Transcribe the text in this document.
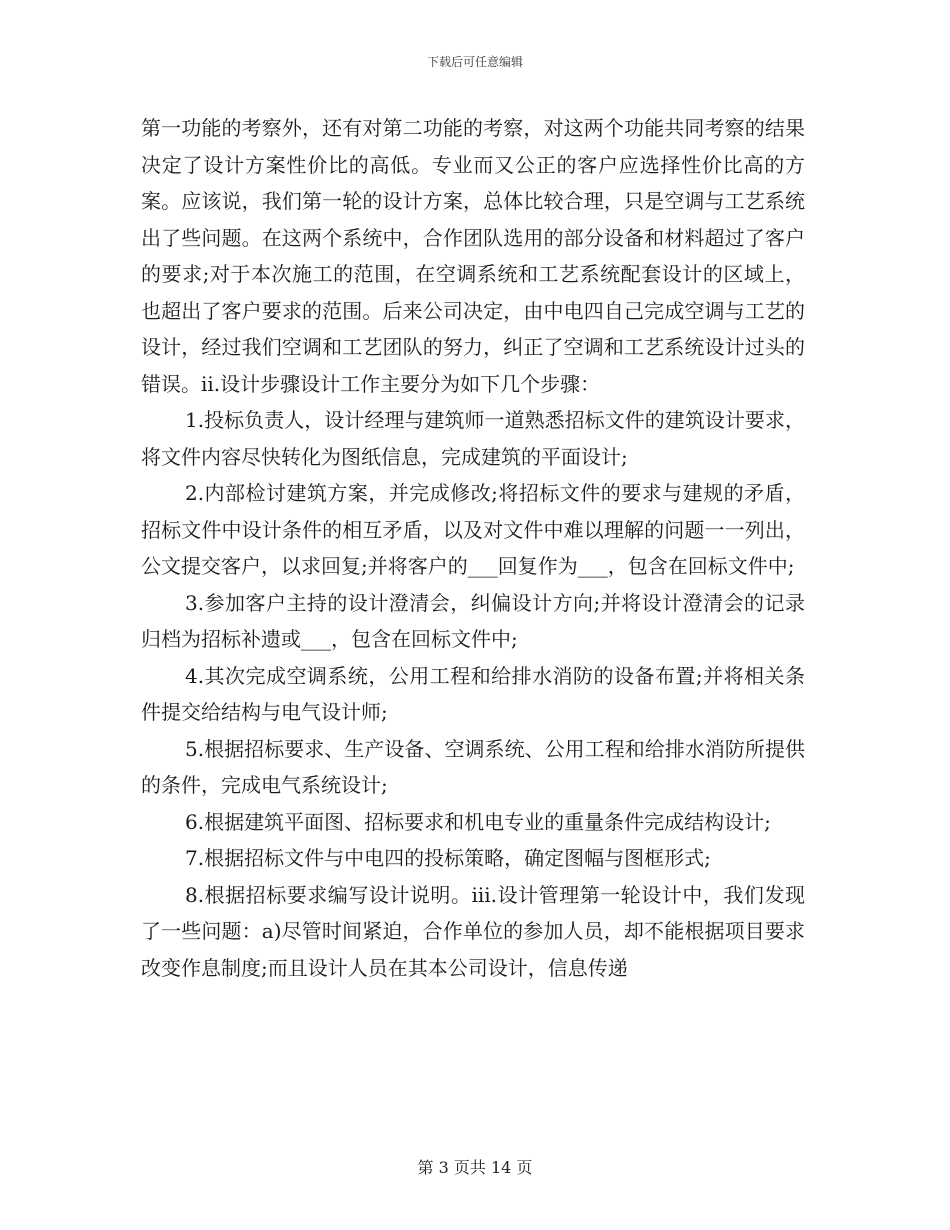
下载后可任意编辑

第一功能的考察外，还有对第二功能的考察，对这两个功能共同考察的结果决定了设计方案性价比的高低。专业而又公正的客户应选择性价比高的方案。应该说，我们第一轮的设计方案，总体比较合理，只是空调与工艺系统出了些问题。在这两个系统中，合作团队选用的部分设备和材料超过了客户的要求;对于本次施工的范围，在空调系统和工艺系统配套设计的区域上，也超出了客户要求的范围。后来公司决定，由中电四自己完成空调与工艺的设计，经过我们空调和工艺团队的努力，纠正了空调和工艺系统设计过头的错误。ii.设计步骤设计工作主要分为如下几个步骤：

1.投标负责人，设计经理与建筑师一道熟悉招标文件的建筑设计要求，将文件内容尽快转化为图纸信息，完成建筑的平面设计;

2.内部检讨建筑方案，并完成修改;将招标文件的要求与建规的矛盾，招标文件中设计条件的相互矛盾，以及对文件中难以理解的问题一一列出，公文提交客户，以求回复;并将客户的___回复作为___，包含在回标文件中;

3.参加客户主持的设计澄清会，纠偏设计方向;并将设计澄清会的记录归档为招标补遗或___，包含在回标文件中;

4.其次完成空调系统，公用工程和给排水消防的设备布置;并将相关条件提交给结构与电气设计师;

5.根据招标要求、生产设备、空调系统、公用工程和给排水消防所提供的条件，完成电气系统设计;

6.根据建筑平面图、招标要求和机电专业的重量条件完成结构设计;

7.根据招标文件与中电四的投标策略，确定图幅与图框形式;

8.根据招标要求编写设计说明。iii.设计管理第一轮设计中，我们发现了一些问题：a)尽管时间紧迫，合作单位的参加人员，却不能根据项目要求改变作息制度;而且设计人员在其本公司设计，信息传递

第 3 页共 14 页
